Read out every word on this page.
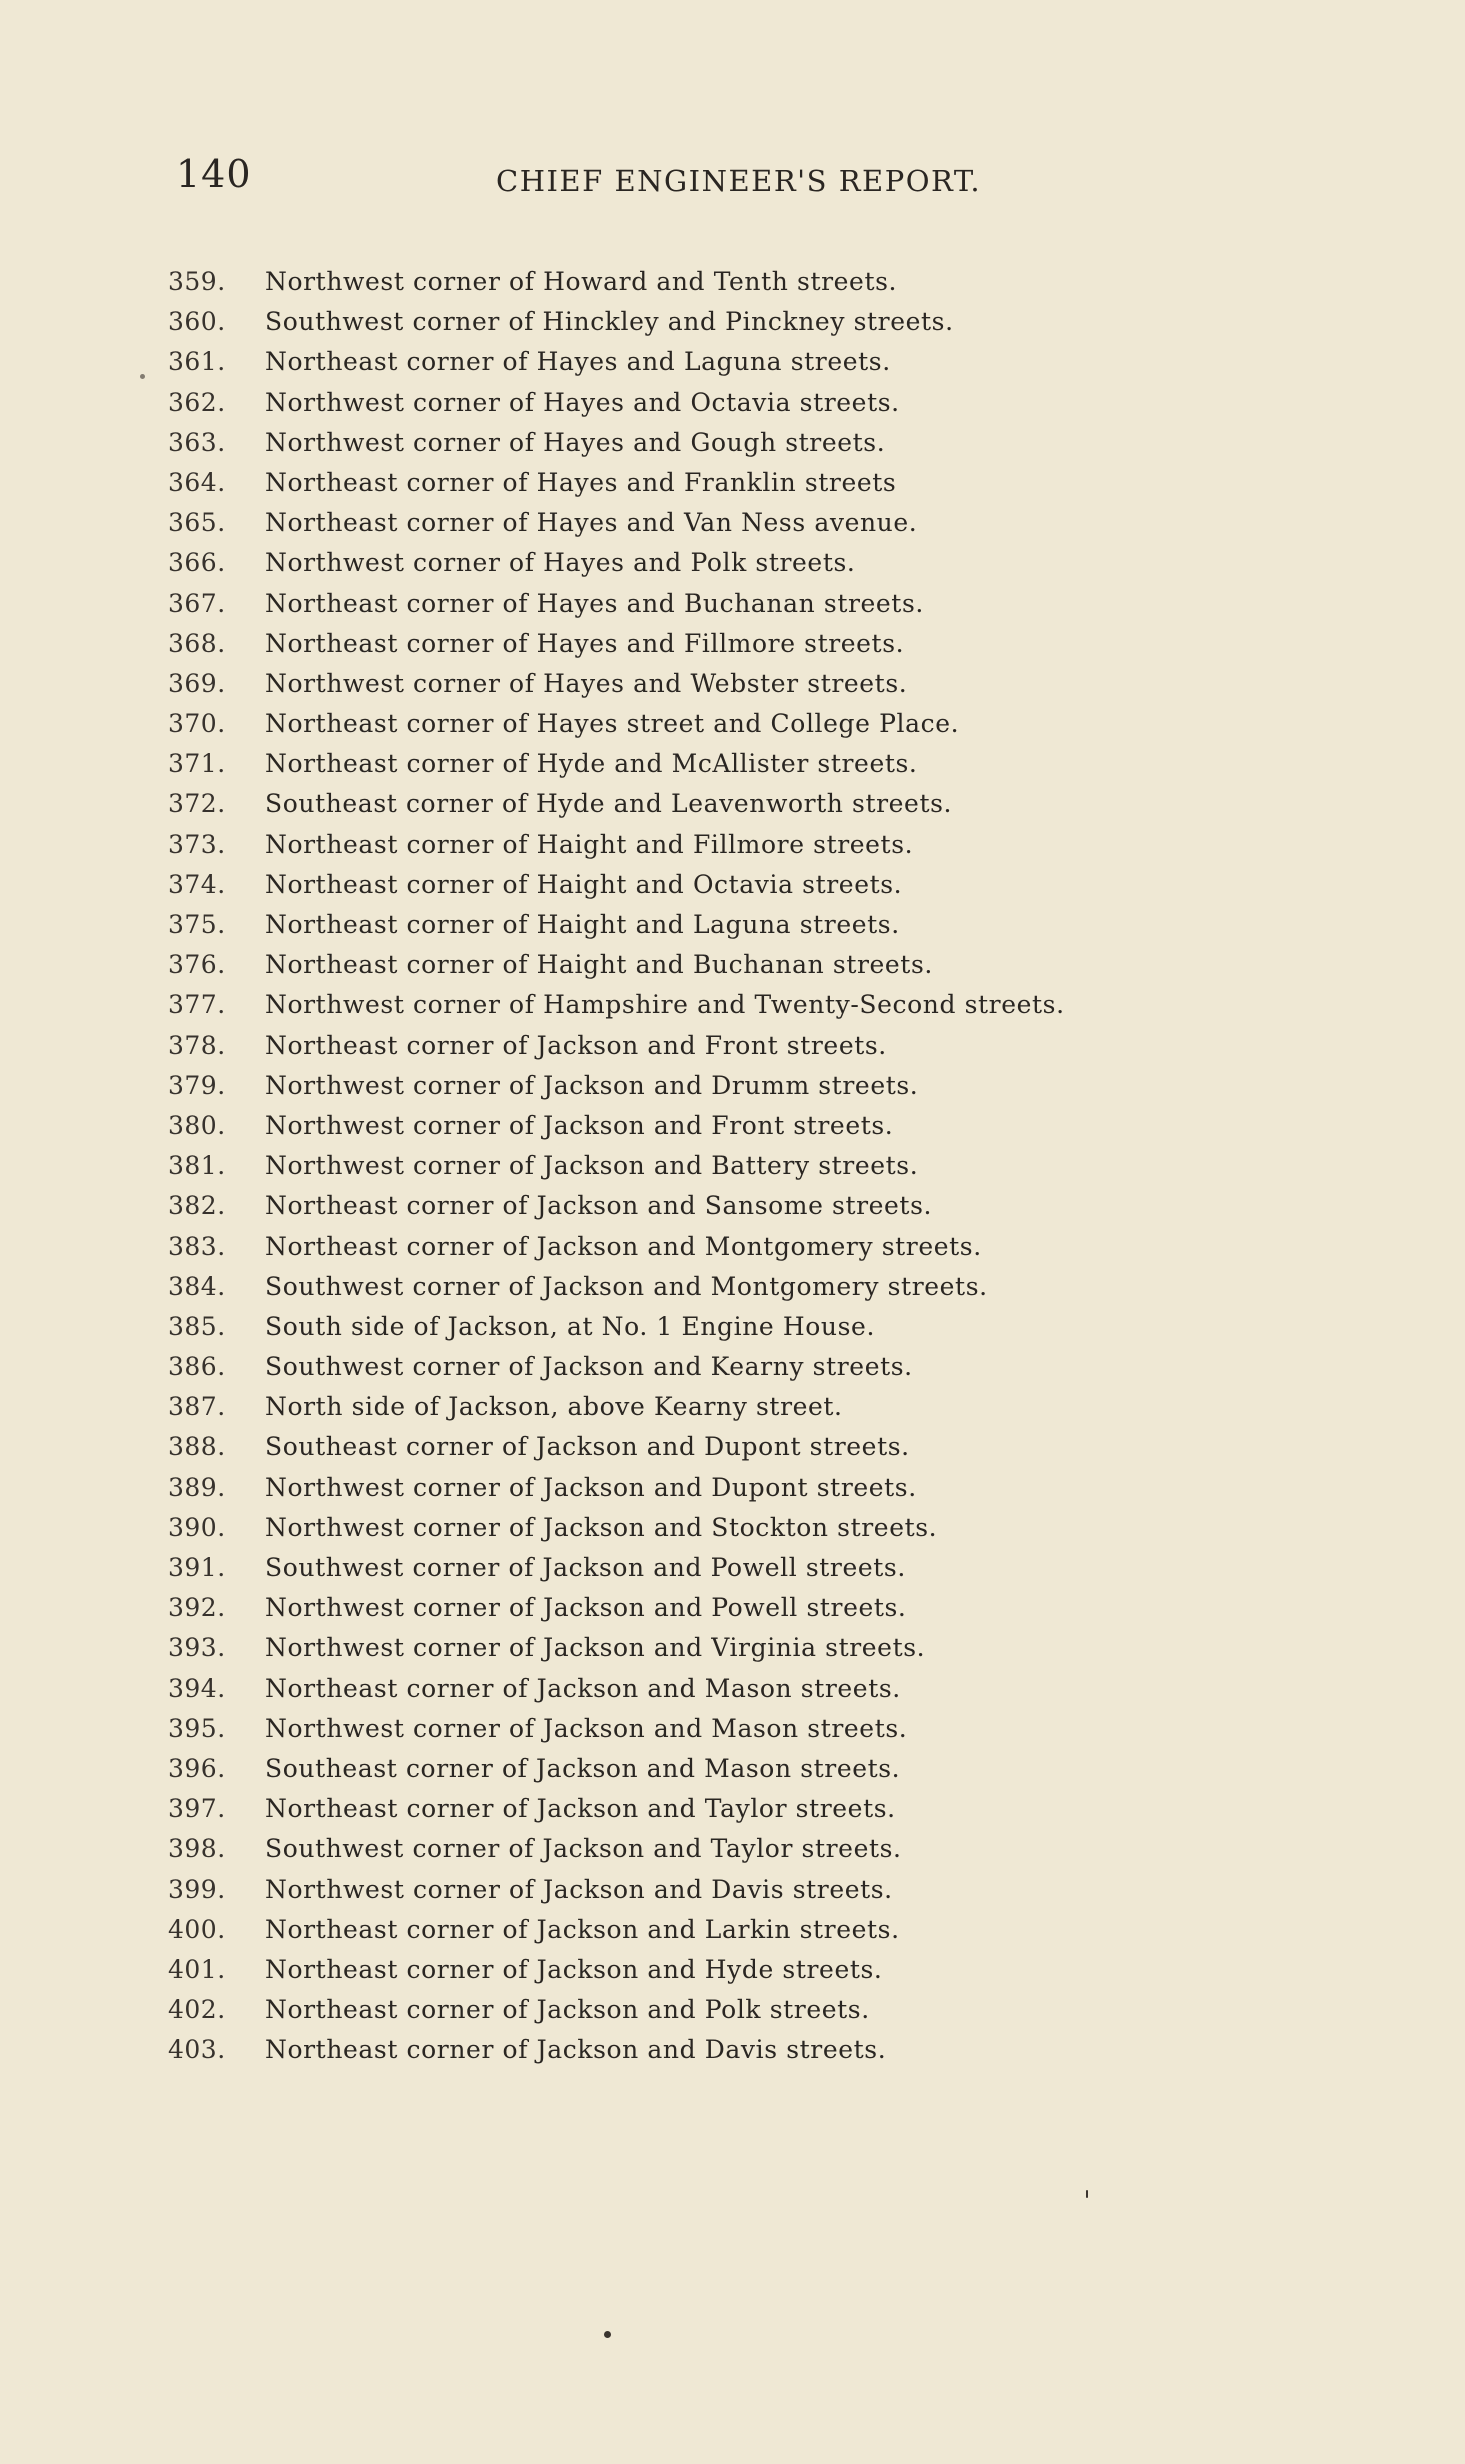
140	CHIEF ENGINEER'S REPORT.
359.	Northwest corner of Howard and Tenth streets.
360.	Southwest corner of Hinckley and Pinckney streets.
361.	Northeast corner of Hayes and Laguna streets.
362.	Northwest corner of Hayes and Octavia streets.
363.	Northwest corner of Hayes and Gough streets.
364.	Northeast corner of Hayes and Franklin streets
365.	Northeast corner of Hayes and Van Ness avenue.
366.	Northwest corner of Hayes and Polk streets.
367.	Northeast corner of Hayes and Buchanan streets.
368.	Northeast corner of Hayes and Fillmore streets.
369.	Northwest corner of Hayes and Webster streets.
370.	Northeast corner of Hayes street and College Place.
371.	Northeast corner of Hyde and McAllister streets.
372.	Southeast corner of Hyde and Leavenworth streets.
373.	Northeast corner of Haight and Fillmore streets.
374.	Northeast corner of Haight and Octavia streets.
375.	Northeast corner of Haight and Laguna streets.
376.	Northeast corner of Haight and Buchanan streets.
377.	Northwest corner of Hampshire and Twenty-Second streets.
378.	Northeast corner of Jackson and Front streets.
379.	Northwest corner of Jackson and Drumm streets.
380.	Northwest corner of Jackson and Front streets.
381.	Northwest corner of Jackson and Battery streets.
382.	Northeast corner of Jackson and Sansome streets.
383.	Northeast corner of Jackson and Montgomery streets.
384.	Southwest corner of Jackson and Montgomery streets.
385.	South side of Jackson, at No. 1 Engine House.
386.	Southwest corner of Jackson and Kearny streets.
387.	North side of Jackson, above Kearny street.
388.	Southeast corner of Jackson and Dupont streets.
389.	Northwest corner of Jackson and Dupont streets.
390.	Northwest corner of Jackson and Stockton streets.
391.	Southwest corner of Jackson and Powell streets.
392.	Northwest corner of Jackson and Powell streets.
393.	Northwest corner of Jackson and Virginia streets.
394.	Northeast corner of Jackson and Mason streets.
395.	Northwest corner of Jackson and Mason streets.
396.	Southeast corner of Jackson and Mason streets.
397.	Northeast corner of Jackson and Taylor streets.
398.	Southwest corner of Jackson and Taylor streets.
399.	Northwest corner of Jackson and Davis streets.
400.	Northeast corner of Jackson and Larkin streets.
401.	Northeast corner of Jackson and Hyde streets.
402.	Northeast corner of Jackson and Polk streets.
403.	Northeast corner of Jackson and Davis streets.
